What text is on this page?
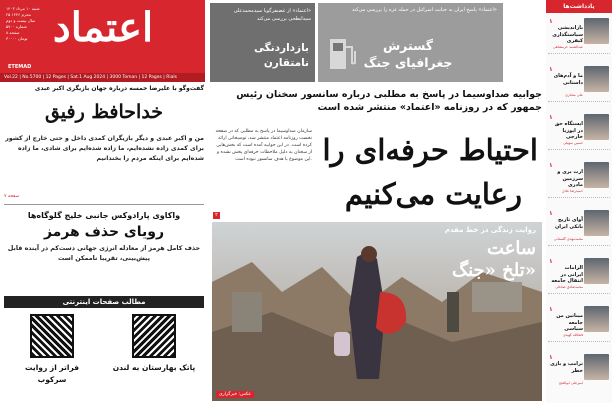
اعتماد
شنبه ۱۰ مرداد ۱۴۰۳
۲۵ محرم ۱۴۴۶
سال بیست و دوم
شماره ۵۷۰۰
۸ صفحه
۳۰۰۰۰ تومان
ETEMAD
Vol.22 | No.5700 | 12 Pages | Sat.1 Aug 2024 | 3000 Toman | 12 Pages | Rials
«اعتماد» از غضنفرگویا سیدمحمدعلی سیدابطحی بررسی می‌کند
بازداردنگی نامتقارن
«اعتماد» پاسخ ایران به جنایت اسرائیل در حمله غزه را بررسی می‌کند
گسترش جغرافیای جنگ
یادداشت‌ها
۱
بازاندیشی سیاستگذاری کیفری
عبدالصمد خرمشاهی
۱
ما و آدم‌های داستانی
علی مختاری
۱
ایستگاه حق در اپوزیا خارجی
حسین سهیلی
۱
ارث بری و سرزمین مادری
حمیدرضا عادل
۱
آوای تاریخ بانکی ایران
محمدمهدی گلستانی
۱
الزامات ایرانی در انتقال جامعه
محمدصادق صادقی
۱
میناتین من جامعه سیاسی
فتحالله کهیدی
۱
ترامپ و بازی خطر
امیرعلی ابوالفتح
گفت‌وگو با علیرضا خمسه درباره جهان بازیگری اکبر عبدی
خداحافظ رفیق
من و اکبر عبدی و دیگر بازیگران کمدی داخل و حتی خارج از کشور برای کمدی زاده نشده‌ایم، ما زاده شده‌ایم برای شادی، ما زاده شده‌ایم برای اینکه مردم را بخندانیم
صفحه ۷
واکاوی پارادوکس جانبی خلیج گلوگاه‌ها
رویای حذف هرمز
حذف کامل هرمز از معادله انرژی جهانی دست‌کم در آینده قابل پیش‌بینی، تقریبا ناممکن است
مطالب صفحات اینترنتی
فراتر از روایت سرکوب
پاتک بهارستان به لندن
جوابیه صداوسیما در پاسخ به مطلبی درباره سانسور سخنان رئیس جمهور که در روزنامه «اعتماد» منتشر شده است
احتیاط حرفه‌ای را
رعایت می‌کنیم
سازمان صداوسیما در پاسخ به مطلبی که در صفحه نخست روزنامه اعتماد منتشر شد، توضیحاتی ارائه کرده است. در این جوابیه آمده است که بخش‌هایی از سخنان به دلیل ملاحظات حرفه‌ای پخش نشده و این موضوع با هدف سانسور نبوده است.
۲
روایت زندگی در خط مقدم
ساعت
تلخ «جنگ»
عکس: خبرگزاری
